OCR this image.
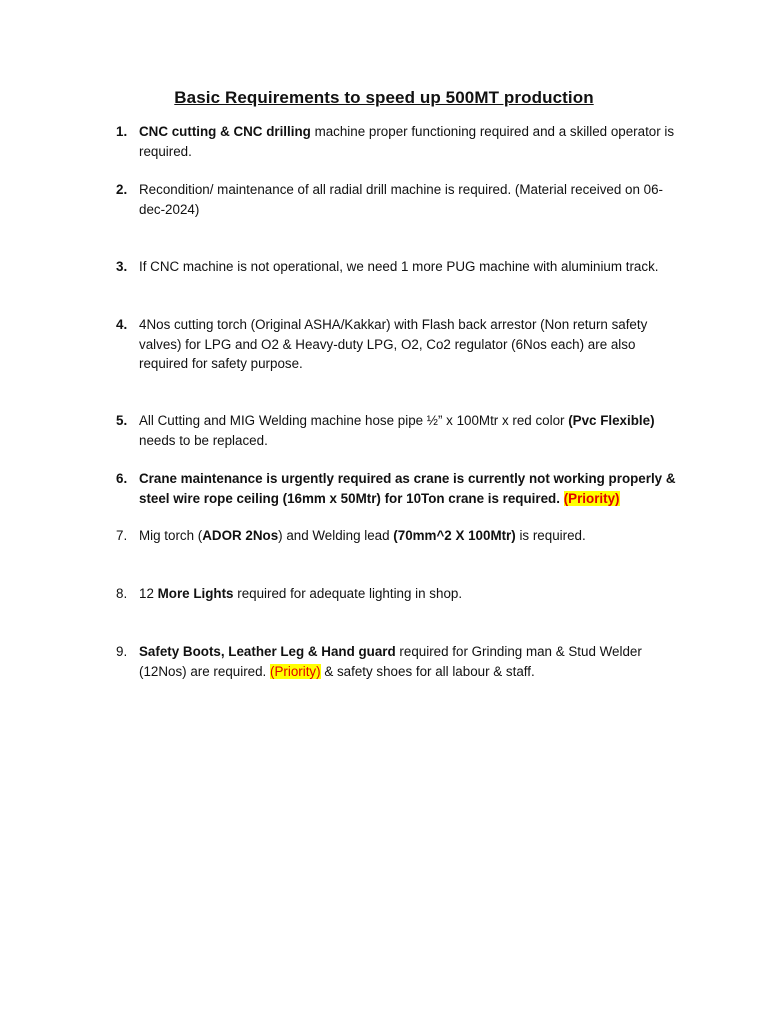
Basic Requirements to speed up 500MT production
1. CNC cutting & CNC drilling machine proper functioning required and a skilled operator is required.
2. Recondition/ maintenance of all radial drill machine is required. (Material received on 06-dec-2024)
3. If CNC machine is not operational, we need 1 more PUG machine with aluminium track.
4. 4Nos cutting torch (Original ASHA/Kakkar) with Flash back arrestor (Non return safety valves) for LPG and O2 & Heavy-duty LPG, O2, Co2 regulator (6Nos each) are also required for safety purpose.
5. All Cutting and MIG Welding machine hose pipe ½” x 100Mtr x red color (Pvc Flexible) needs to be replaced.
6. Crane maintenance is urgently required as crane is currently not working properly & steel wire rope ceiling (16mm x 50Mtr) for 10Ton crane is required. (Priority)
7. Mig torch (ADOR 2Nos) and Welding lead (70mm^2 X 100Mtr) is required.
8. 12 More Lights required for adequate lighting in shop.
9. Safety Boots, Leather Leg & Hand guard required for Grinding man & Stud Welder (12Nos) are required. (Priority) & safety shoes for all labour & staff.
